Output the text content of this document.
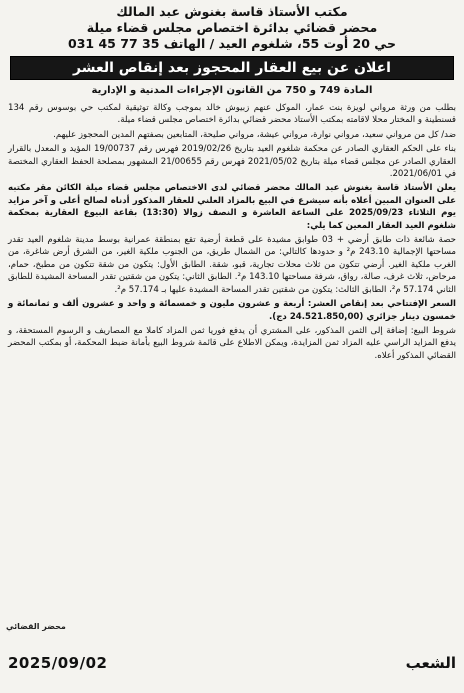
مكتب الأستاذ قاسة بغنوش عبد المالك
محضر قضائي بدائرة اختصاص مجلس قضاء ميلة
حي 20 أوت 55، شلغوم العيد / الهاتف 35 77 45 031
اعلان عن بيع العقار المحجوز بعد إنقاص العشر
المادة 749 و 750 من القانون الإجراءات المدنية و الإدارية

بطلب من ورثة مرواني لويزة بنت عمار، الموكل عنهم زبيوش خالد بموجب وكالة توثيقية لمكتب حي بوسوس رقم 134 قسنطينة و المختار محلا لاقامته بمكتب الأستاذ محضر قضائي بدائرة اختصاص مجلس قضاء ميلة.

ضد/ كل من مرواني سعيد، مرواني نوارة، مرواني عيشة، مرواني صليحة، المتابعين بصفتهم المدين المحجوز عليهم.

بناء على الحكم العقاري الصادر عن محكمة شلغوم العيد بتاريخ 2019/02/26 فهرس رقم 19/00737 المؤيد و المعدل بالقرار العقاري الصادر عن مجلس قضاء ميلة بتاريخ 2021/05/02 فهرس رقم 21/00655 المشهور بمصلحة الحفظ العقاري المختصة في 2021/06/01.

يعلن الأستاذ قاسة بغنوش عبد المالك محضر قضائي لدى الاختصاص مجلس قضاء ميلة الكائن مقر مكتبه على العنوان المبين أعلاه بأنه سيشرع في البيع بالمزاد العلني للعقار المذكور أدناه لصالح أعلى و آخر مزايد يوم الثلاثاء 2025/09/23 على الساعة العاشرة و النصف زوالا (13:30) بقاعة البيوع العقارية بمحكمة شلغوم العيد العقار المعين كما يلي:

حصة شائعة ذات طابق أرضي + 03 طوابق مشيدة على قطعة أرضية تقع بمنطقة عمرانية بوسط مدينة شلغوم العيد تقدر مساحتها الإجمالية 243.10 م² و حدودها كالتالي: من الشمال طريق، من الجنوب ملكية الغير، من الشرق أرض شاغرة، من الغرب ملكية الغير. أرضي تتكون من ثلاث محلات تجارية، قبو، شقة. الطابق الأول: يتكون من شقة تتكون من مطبخ، حمام، مرحاض، ثلاث غرف، صالة، رواق، شرفة مساحتها 143.10 م². الطابق الثاني: يتكون من شقتين تقدر المساحة المشيدة للطابق الثاني 57.174 م²، الطابق الثالث: يتكون من شقتين تقدر المساحة المشيدة عليها بـ 57.174 م².

السعر الإفتتاحي بعد إنقاص العشر: أربعة و عشرون مليون و خمسمائة و واحد و عشرون ألف و ثمانمائة و خمسون دينار جزائري (24.521.850,00 دج).

شروط البيع: إضافة إلى الثمن المذكور، على المشتري أن يدفع فوريا ثمن المزاد كاملا مع المصاريف و الرسوم المستحقة، و يدفع المزايد الراسي عليه المزاد ثمن المزايدة، ويمكن الاطلاع على قائمة شروط البيع بأمانة ضبط المحكمة، أو بمكتب المحضر القضائي المذكور أعلاه.

محضر القضائي
2025/09/02	الشعب
